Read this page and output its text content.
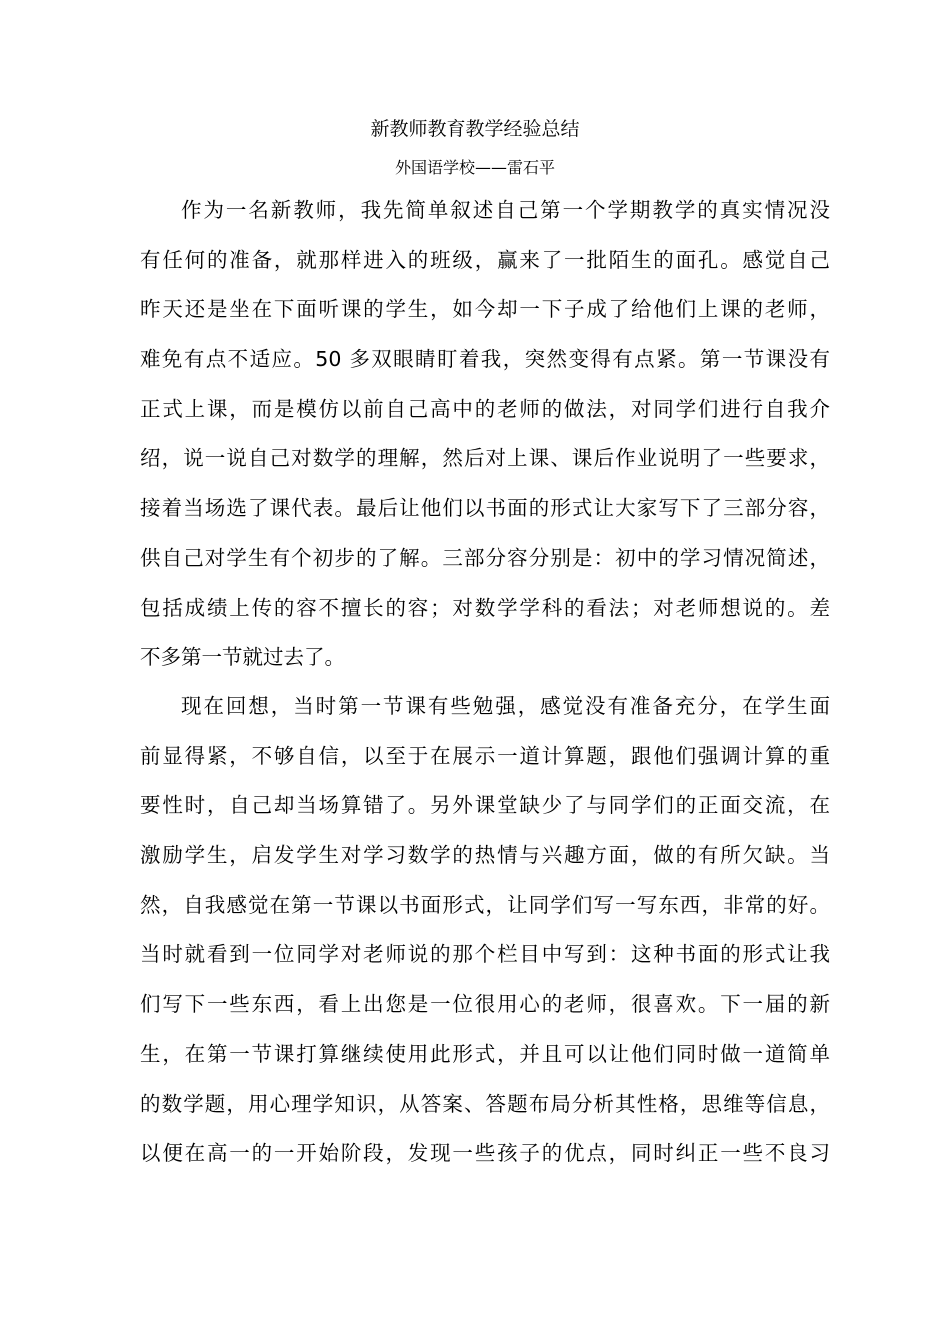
新教师教育教学经验总结
外国语学校——雷石平
作为一名新教师，我先简单叙述自己第一个学期教学的真实情况没
有任何的准备，就那样进入的班级，赢来了一批陌生的面孔。感觉自己
昨天还是坐在下面听课的学生，如今却一下子成了给他们上课的老师，
难免有点不适应。50 多双眼睛盯着我，突然变得有点紧。第一节课没有
正式上课，而是模仿以前自己高中的老师的做法，对同学们进行自我介
绍，说一说自己对数学的理解，然后对上课、课后作业说明了一些要求，
接着当场选了课代表。最后让他们以书面的形式让大家写下了三部分容，
供自己对学生有个初步的了解。三部分容分别是：初中的学习情况简述，
包括成绩上传的容不擅长的容；对数学学科的看法；对老师想说的。差
不多第一节就过去了。
现在回想，当时第一节课有些勉强，感觉没有准备充分，在学生面
前显得紧，不够自信，以至于在展示一道计算题，跟他们强调计算的重
要性时，自己却当场算错了。另外课堂缺少了与同学们的正面交流，在
激励学生，启发学生对学习数学的热情与兴趣方面，做的有所欠缺。当
然，自我感觉在第一节课以书面形式，让同学们写一写东西，非常的好。
当时就看到一位同学对老师说的那个栏目中写到：这种书面的形式让我
们写下一些东西，看上出您是一位很用心的老师，很喜欢。下一届的新
生，在第一节课打算继续使用此形式，并且可以让他们同时做一道简单
的数学题，用心理学知识，从答案、答题布局分析其性格，思维等信息，
以便在高一的一开始阶段，发现一些孩子的优点，同时纠正一些不良习
